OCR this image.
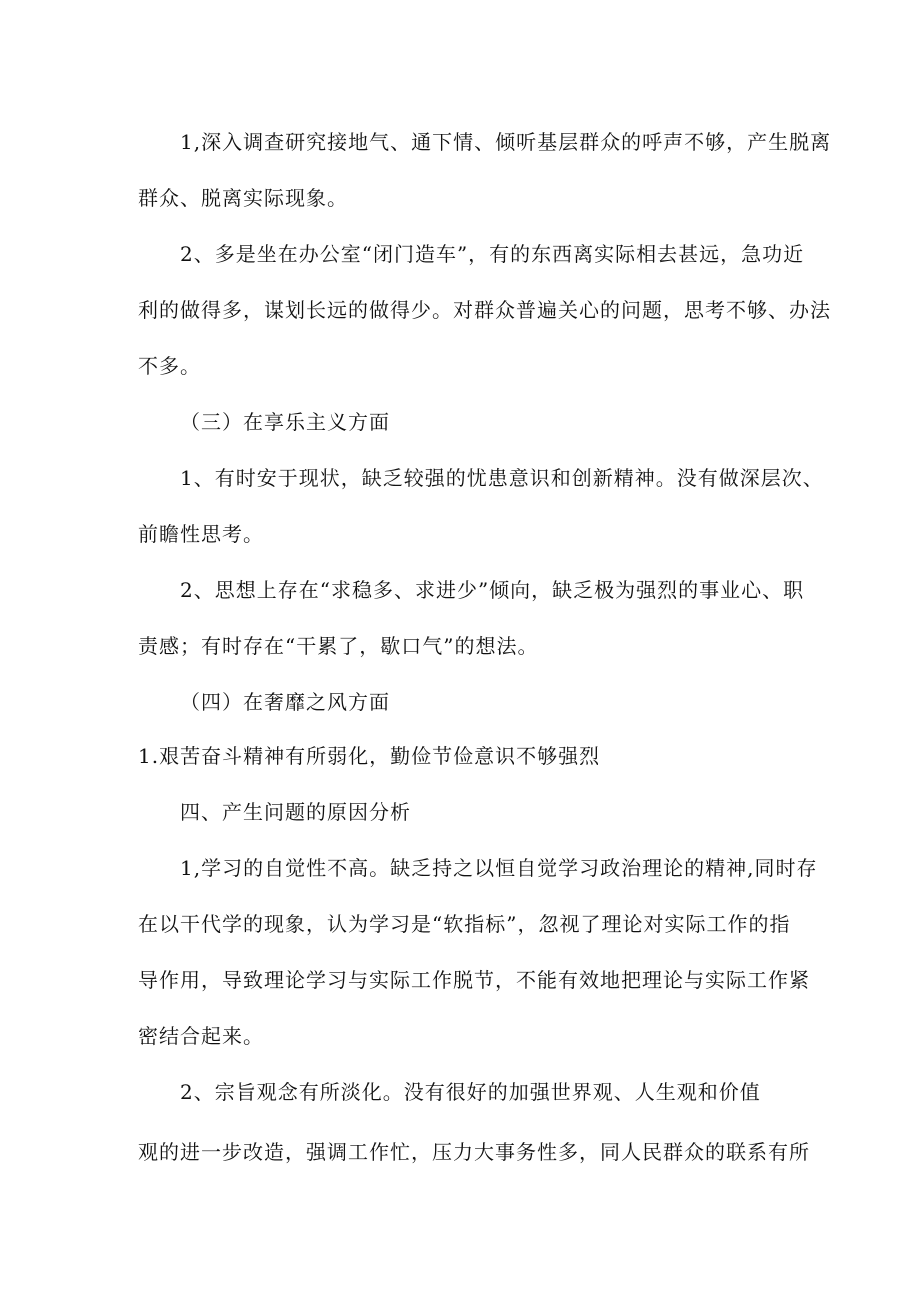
1,深入调查研究接地气、通下情、倾听基层群众的呼声不够，产生脱离
群众、脱离实际现象。
2、多是坐在办公室“闭门造车”，有的东西离实际相去甚远，急功近
利的做得多，谋划长远的做得少。对群众普遍关心的问题，思考不够、办法
不多。
（三）在享乐主义方面
1、有时安于现状，缺乏较强的忧患意识和创新精神。没有做深层次、
前瞻性思考。
2、思想上存在“求稳多、求进少”倾向，缺乏极为强烈的事业心、职
责感；有时存在“干累了，歇口气”的想法。
（四）在奢靡之风方面
1.艰苦奋斗精神有所弱化，勤俭节俭意识不够强烈
四、产生问题的原因分析
1,学习的自觉性不高。缺乏持之以恒自觉学习政治理论的精神,同时存
在以干代学的现象，认为学习是“软指标”，忽视了理论对实际工作的指
导作用，导致理论学习与实际工作脱节，不能有效地把理论与实际工作紧
密结合起来。
2、宗旨观念有所淡化。没有很好的加强世界观、人生观和价值
观的进一步改造，强调工作忙，压力大事务性多，同人民群众的联系有所
